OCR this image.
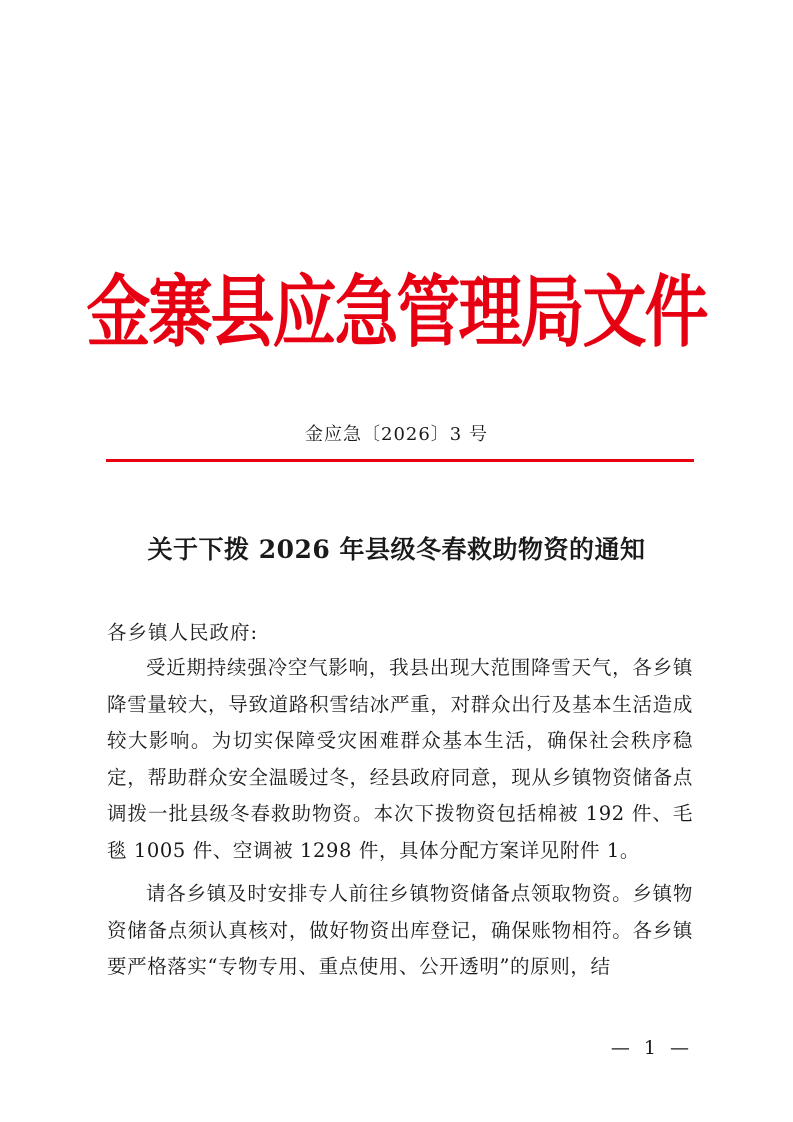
金寨县应急管理局文件
金应急〔2026〕3 号
关于下拨 2026 年县级冬春救助物资的通知
各乡镇人民政府:

受近期持续强冷空气影响，我县出现大范围降雪天气，各乡镇降雪量较大，导致道路积雪结冰严重，对群众出行及基本生活造成较大影响。为切实保障受灾困难群众基本生活，确保社会秩序稳定，帮助群众安全温暖过冬，经县政府同意，现从乡镇物资储备点调拨一批县级冬春救助物资。本次下拨物资包括棉被 192 件、毛毯 1005 件、空调被 1298 件，具体分配方案详见附件 1。

请各乡镇及时安排专人前往乡镇物资储备点领取物资。乡镇物资储备点须认真核对，做好物资出库登记，确保账物相符。各乡镇要严格落实“专物专用、重点使用、公开透明”的原则，结

— 1 —
